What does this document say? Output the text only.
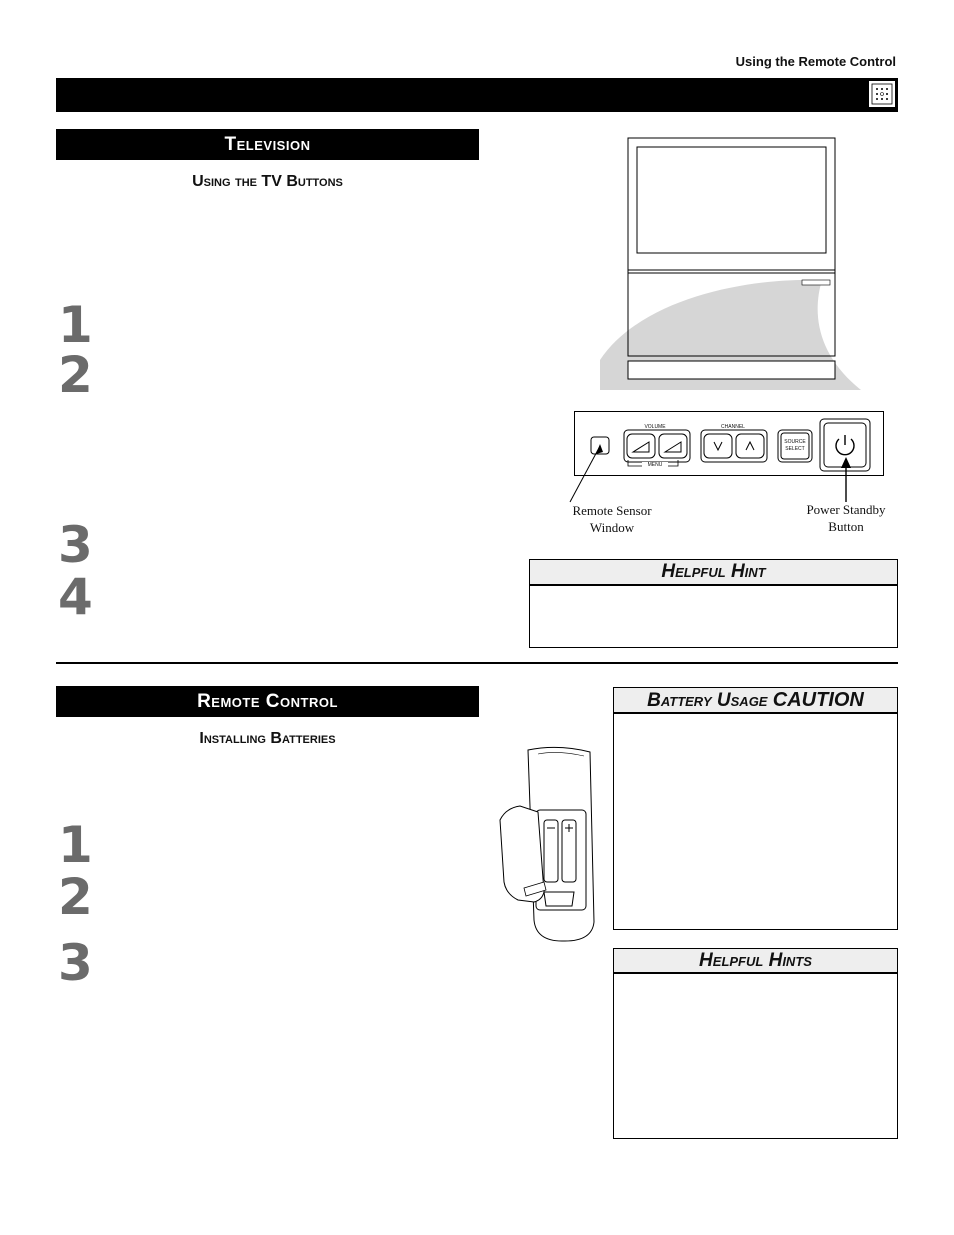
Using the Remote Control
Television
Using the TV Buttons
1
2
3
4
VOLUME	CHANNEL
MENU
SOURCE
SELECT
Remote Sensor
Window
Power Standby
Button
Helpful Hint
Remote Control
Installing Batteries
1
2
3
Battery Usage CAUTION
Helpful Hints
